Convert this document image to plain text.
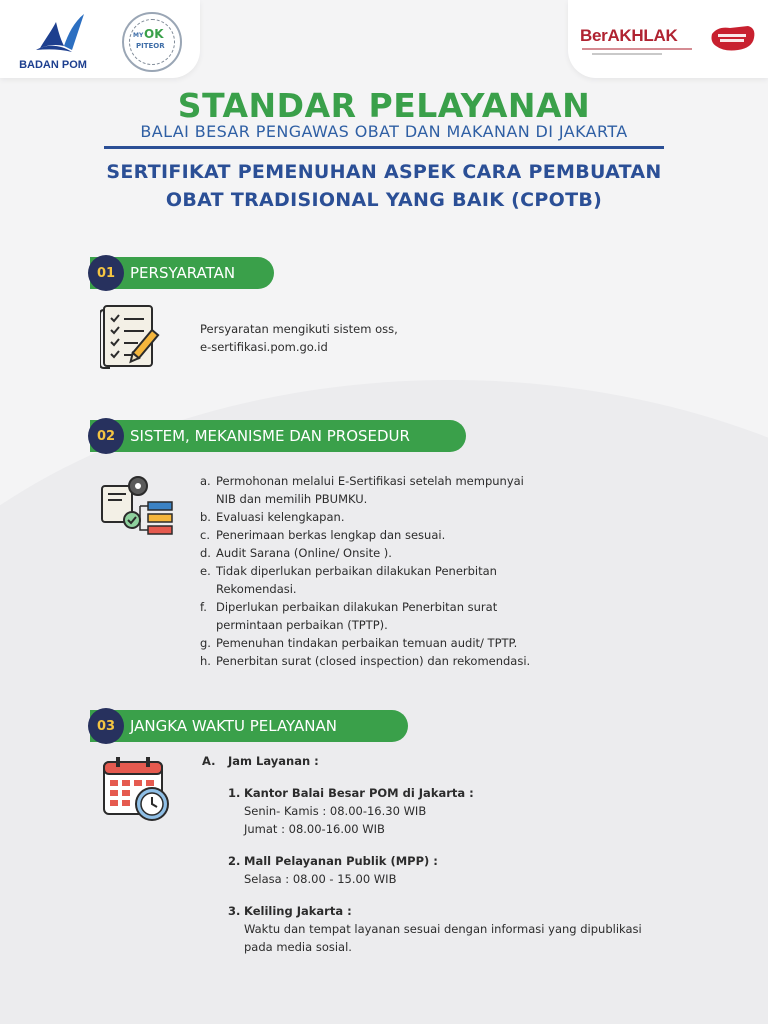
BADAN POM
MY OK
PITEOR
BerAKHLAK
STANDAR PELAYANAN
BALAI BESAR PENGAWAS OBAT DAN MAKANAN DI JAKARTA
SERTIFIKAT PEMENUHAN ASPEK CARA PEMBUATAN
OBAT TRADISIONAL YANG BAIK (CPOTB)
01 PERSYARATAN
Persyaratan mengikuti sistem oss,
e-sertifikasi.pom.go.id
02 SISTEM, MEKANISME DAN PROSEDUR
a. Permohonan melalui E-Sertifikasi setelah mempunyai
NIB dan memilih PBUMKU.
b. Evaluasi kelengkapan.
c. Penerimaan berkas lengkap dan sesuai.
d. Audit Sarana (Online/ Onsite ).
e. Tidak diperlukan perbaikan dilakukan Penerbitan
Rekomendasi.
f. Diperlukan perbaikan dilakukan Penerbitan surat
permintaan perbaikan (TPTP).
g. Pemenuhan tindakan perbaikan temuan audit/ TPTP.
h. Penerbitan surat (closed inspection) dan rekomendasi.
03 JANGKA WAKTU PELAYANAN
A.	Jam Layanan :
1. Kantor Balai Besar POM di Jakarta :
Senin- Kamis : 08.00-16.30 WIB
Jumat : 08.00-16.00 WIB
2. Mall Pelayanan Publik (MPP) :
Selasa : 08.00 - 15.00 WIB
3. Keliling Jakarta :
Waktu dan tempat layanan sesuai dengan informasi yang dipublikasi
pada media sosial.
